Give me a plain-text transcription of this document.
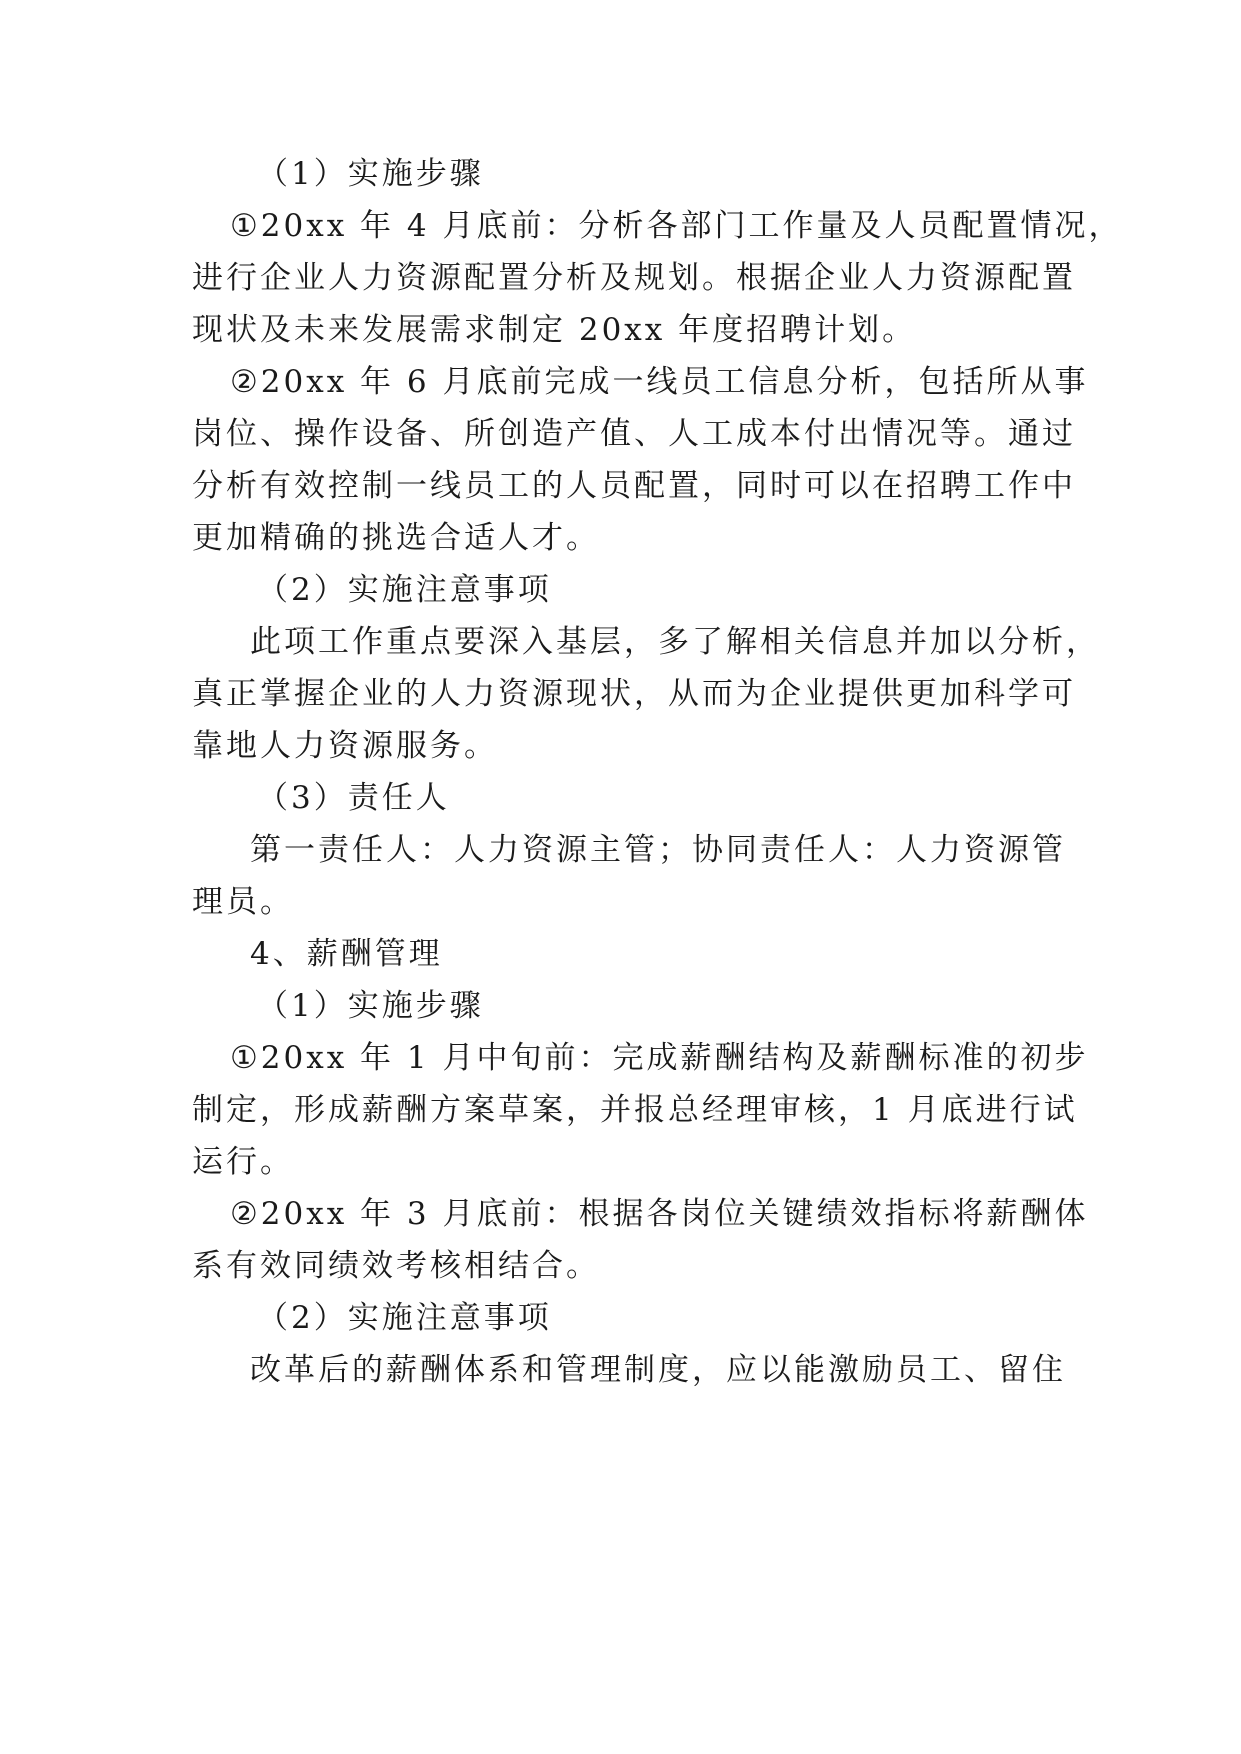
（1）实施步骤
①20xx 年 4 月底前：分析各部门工作量及人员配置情况，
进行企业人力资源配置分析及规划。根据企业人力资源配置
现状及未来发展需求制定 20xx 年度招聘计划。
②20xx 年 6 月底前完成一线员工信息分析，包括所从事
岗位、操作设备、所创造产值、人工成本付出情况等。通过
分析有效控制一线员工的人员配置，同时可以在招聘工作中
更加精确的挑选合适人才。
（2）实施注意事项
此项工作重点要深入基层，多了解相关信息并加以分析，
真正掌握企业的人力资源现状，从而为企业提供更加科学可
靠地人力资源服务。
（3）责任人
第一责任人：人力资源主管；协同责任人：人力资源管
理员。
4、薪酬管理
（1）实施步骤
①20xx 年 1 月中旬前：完成薪酬结构及薪酬标准的初步
制定，形成薪酬方案草案，并报总经理审核，1 月底进行试
运行。
②20xx 年 3 月底前：根据各岗位关键绩效指标将薪酬体
系有效同绩效考核相结合。
（2）实施注意事项
改革后的薪酬体系和管理制度，应以能激励员工、留住
